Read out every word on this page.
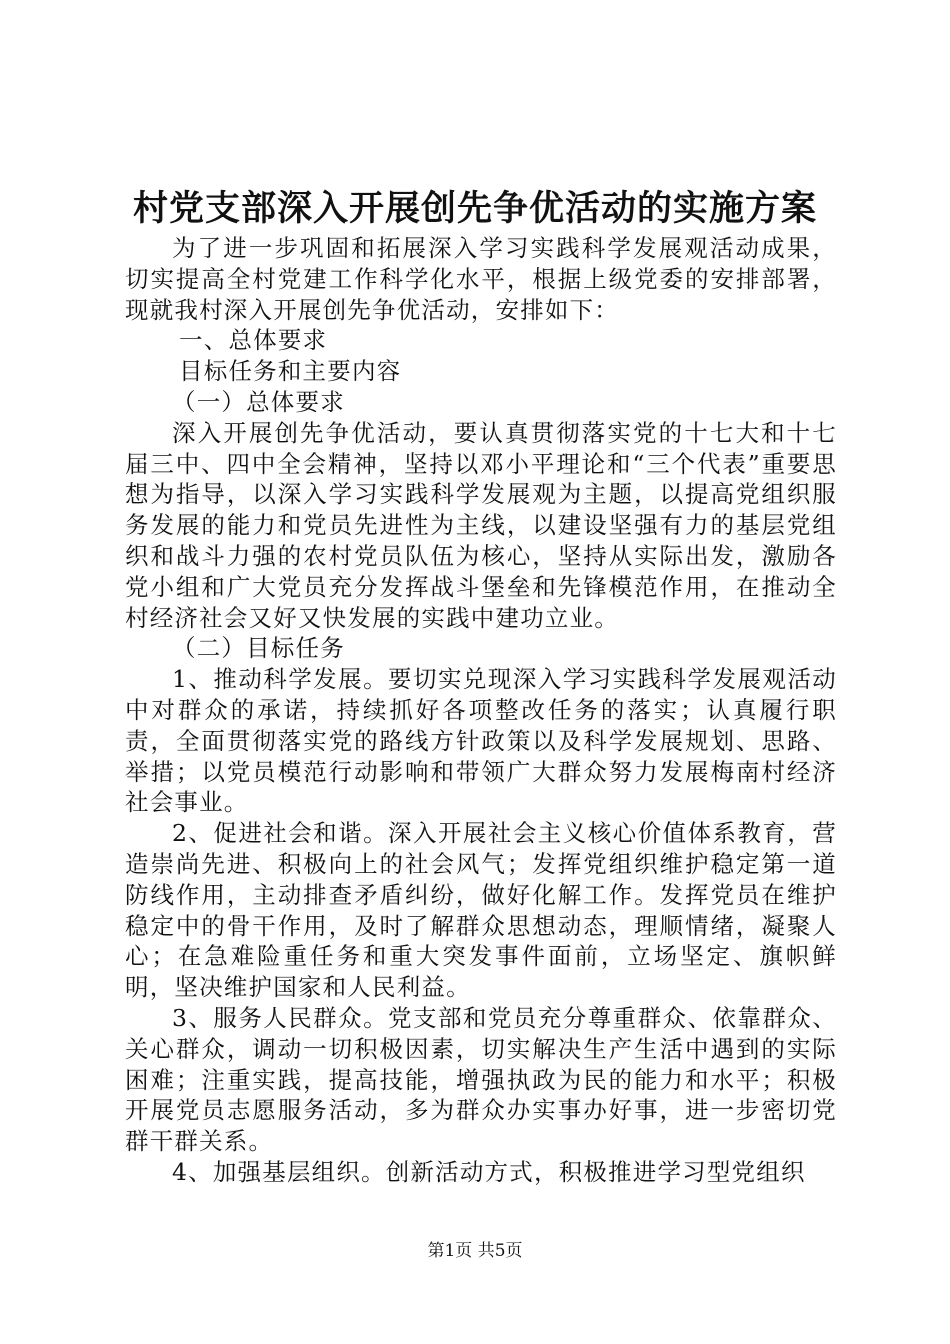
村党支部深入开展创先争优活动的实施方案

为了进一步巩固和拓展深入学习实践科学发展观活动成果，切实提高全村党建工作科学化水平，根据上级党委的安排部署，现就我村深入开展创先争优活动，安排如下：

一、总体要求

目标任务和主要内容

（一）总体要求

深入开展创先争优活动，要认真贯彻落实党的十七大和十七届三中、四中全会精神，坚持以邓小平理论和“三个代表”重要思想为指导，以深入学习实践科学发展观为主题，以提高党组织服务发展的能力和党员先进性为主线，以建设坚强有力的基层党组织和战斗力强的农村党员队伍为核心，坚持从实际出发，激励各党小组和广大党员充分发挥战斗堡垒和先锋模范作用，在推动全村经济社会又好又快发展的实践中建功立业。

（二）目标任务

1、推动科学发展。要切实兑现深入学习实践科学发展观活动中对群众的承诺，持续抓好各项整改任务的落实；认真履行职责，全面贯彻落实党的路线方针政策以及科学发展规划、思路、举措；以党员模范行动影响和带领广大群众努力发展梅南村经济社会事业。

2、促进社会和谐。深入开展社会主义核心价值体系教育，营造崇尚先进、积极向上的社会风气；发挥党组织维护稳定第一道防线作用，主动排查矛盾纠纷，做好化解工作。发挥党员在维护稳定中的骨干作用，及时了解群众思想动态，理顺情绪，凝聚人心；在急难险重任务和重大突发事件面前，立场坚定、旗帜鲜明，坚决维护国家和人民利益。

3、服务人民群众。党支部和党员充分尊重群众、依靠群众、关心群众，调动一切积极因素，切实解决生产生活中遇到的实际困难；注重实践，提高技能，增强执政为民的能力和水平；积极开展党员志愿服务活动，多为群众办实事办好事，进一步密切党群干群关系。

4、加强基层组织。创新活动方式，积极推进学习型党组织

第1页 共5页
